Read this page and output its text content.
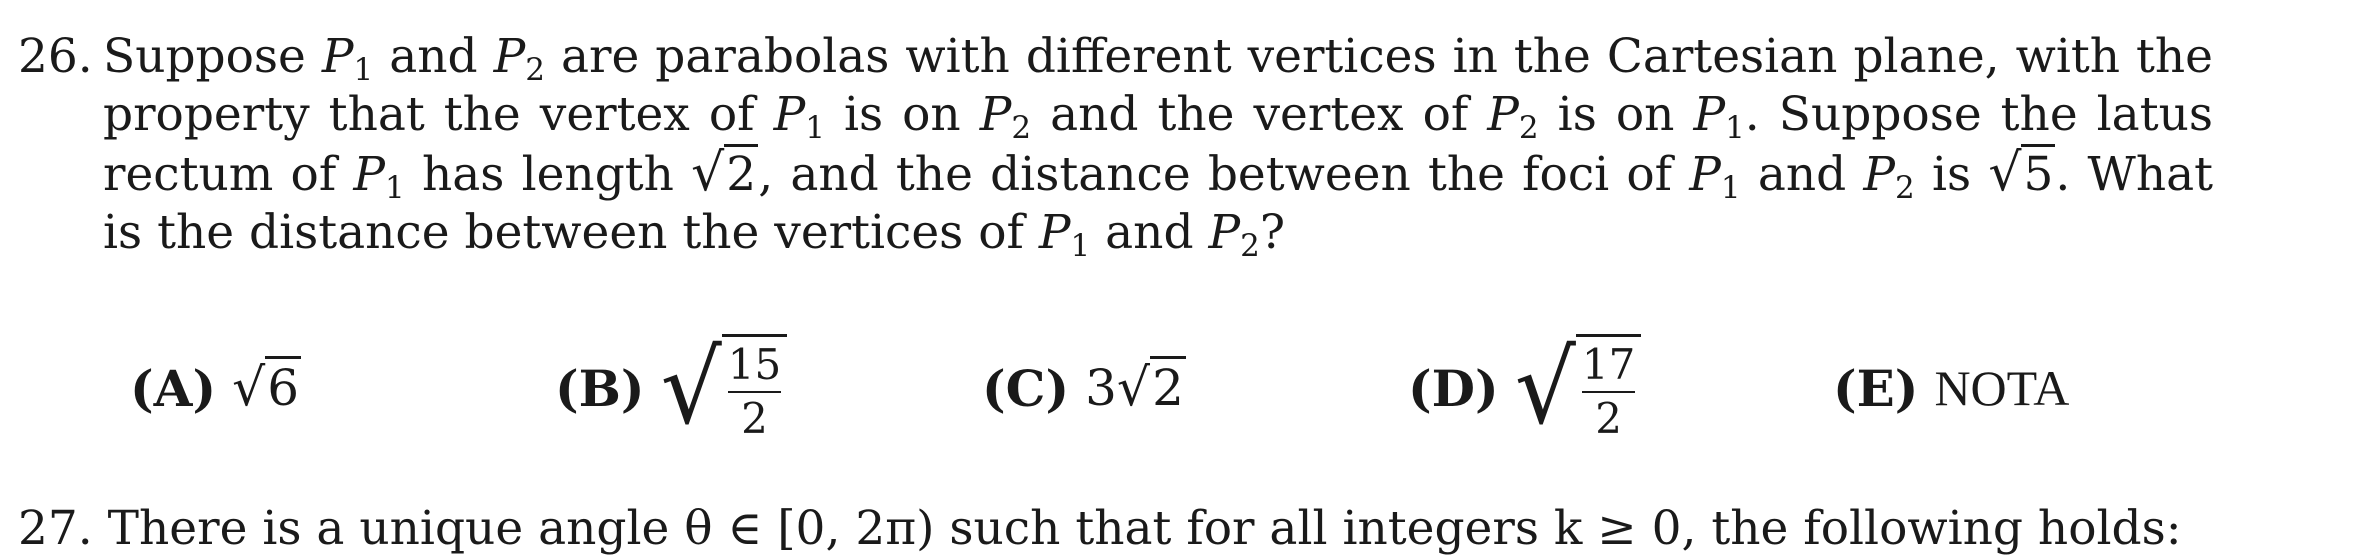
26. Suppose $P_1$ and $P_2$ are parabolas with different vertices in the Cartesian plane, with the property that the vertex of $P_1$ is on $P_2$ and the vertex of $P_2$ is on $P_1$. Suppose the latus rectum of $P_1$ has length √2, and the distance between the foci of $P_1$ and $P_2$ is √5. What is the distance between the vertices of $P_1$ and $P_2$?
(A) √6	(B) √ $\frac{15}{2}$	(C) 3 √2	(D) √ $\frac{17}{2}$	(E) NOTA
27. There is a unique angle θ ∈ [0, 2π) such that for all integers k ≥ 0, the following holds:
